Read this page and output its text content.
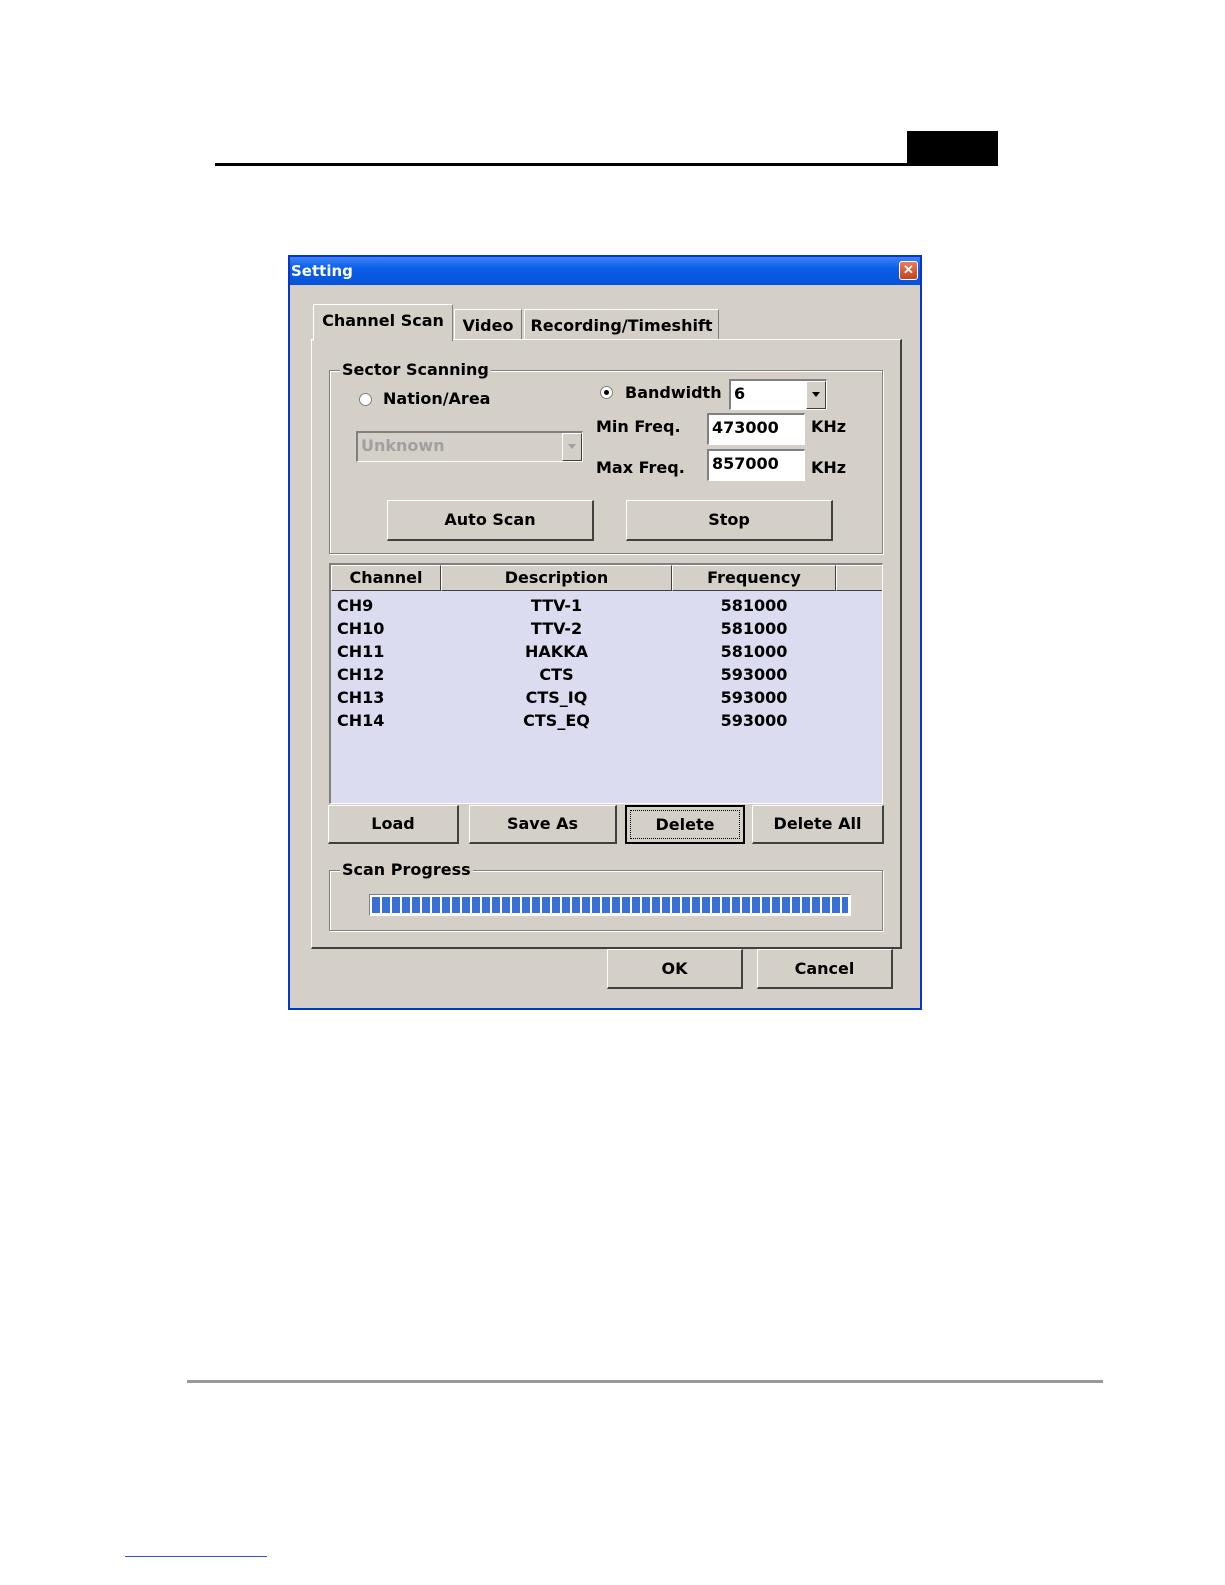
Setting	✕
Channel Scan	Video	Recording/Timeshift
Sector Scanning
Nation/Area
Unknown
Bandwidth 6
Min Freq.	473000	KHz
Max Freq.	857000	KHz
Auto Scan	Stop
Channel	Description	Frequency
CH9	TTV-1	581000
CH10	TTV-2	581000
CH11	HAKKA	581000
CH12	CTS	593000
CH13	CTS_IQ	593000
CH14	CTS_EQ	593000
Load	Save As	Delete	Delete All
Scan Progress
OK	Cancel
